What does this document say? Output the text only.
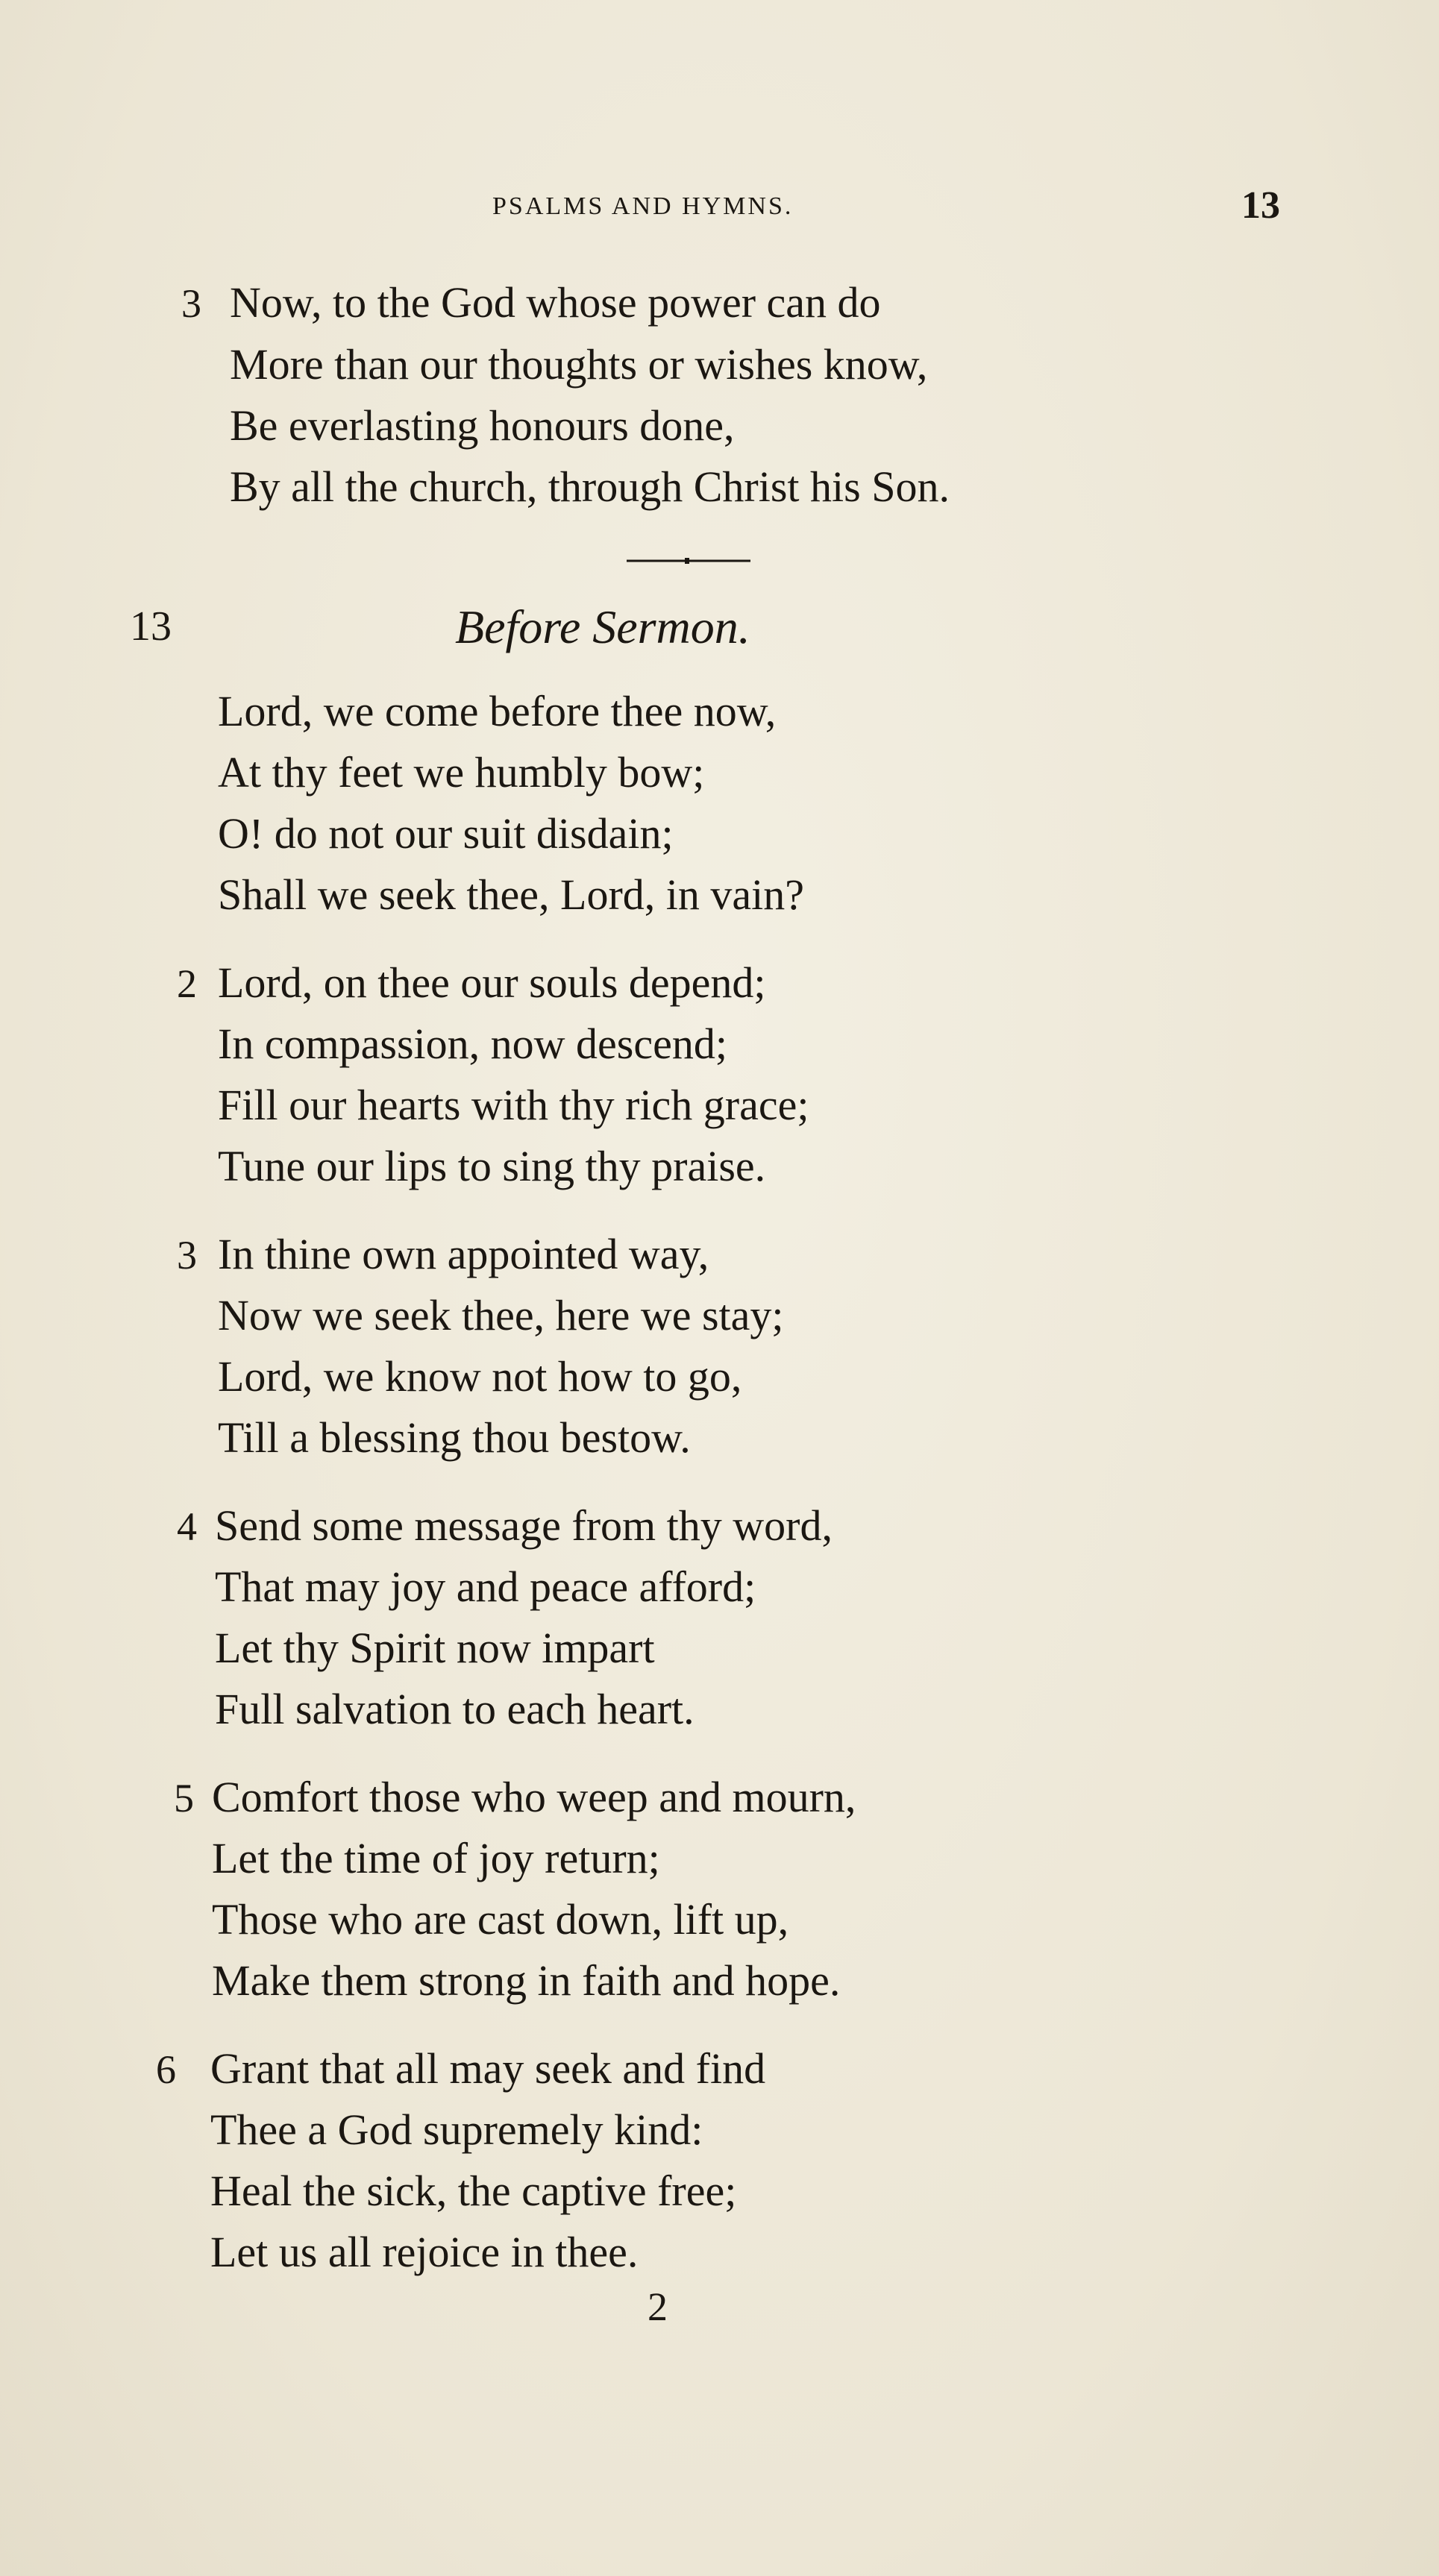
PSALMS AND HYMNS.	13
3 Now, to the God whose power can do
More than our thoughts or wishes know,
Be everlasting honours done,
By all the church, through Christ his Son.
13	Before Sermon.
Lord, we come before thee now,
At thy feet we humbly bow;
O! do not our suit disdain;
Shall we seek thee, Lord, in vain?
2 Lord, on thee our souls depend;
In compassion, now descend;
Fill our hearts with thy rich grace;
Tune our lips to sing thy praise.
3 In thine own appointed way,
Now we seek thee, here we stay;
Lord, we know not how to go,
Till a blessing thou bestow.
4 Send some message from thy word,
That may joy and peace afford;
Let thy Spirit now impart
Full salvation to each heart.
5 Comfort those who weep and mourn,
Let the time of joy return;
Those who are cast down, lift up,
Make them strong in faith and hope.
6 Grant that all may seek and find
Thee a God supremely kind:
Heal the sick, the captive free;
Let us all rejoice in thee.
2
